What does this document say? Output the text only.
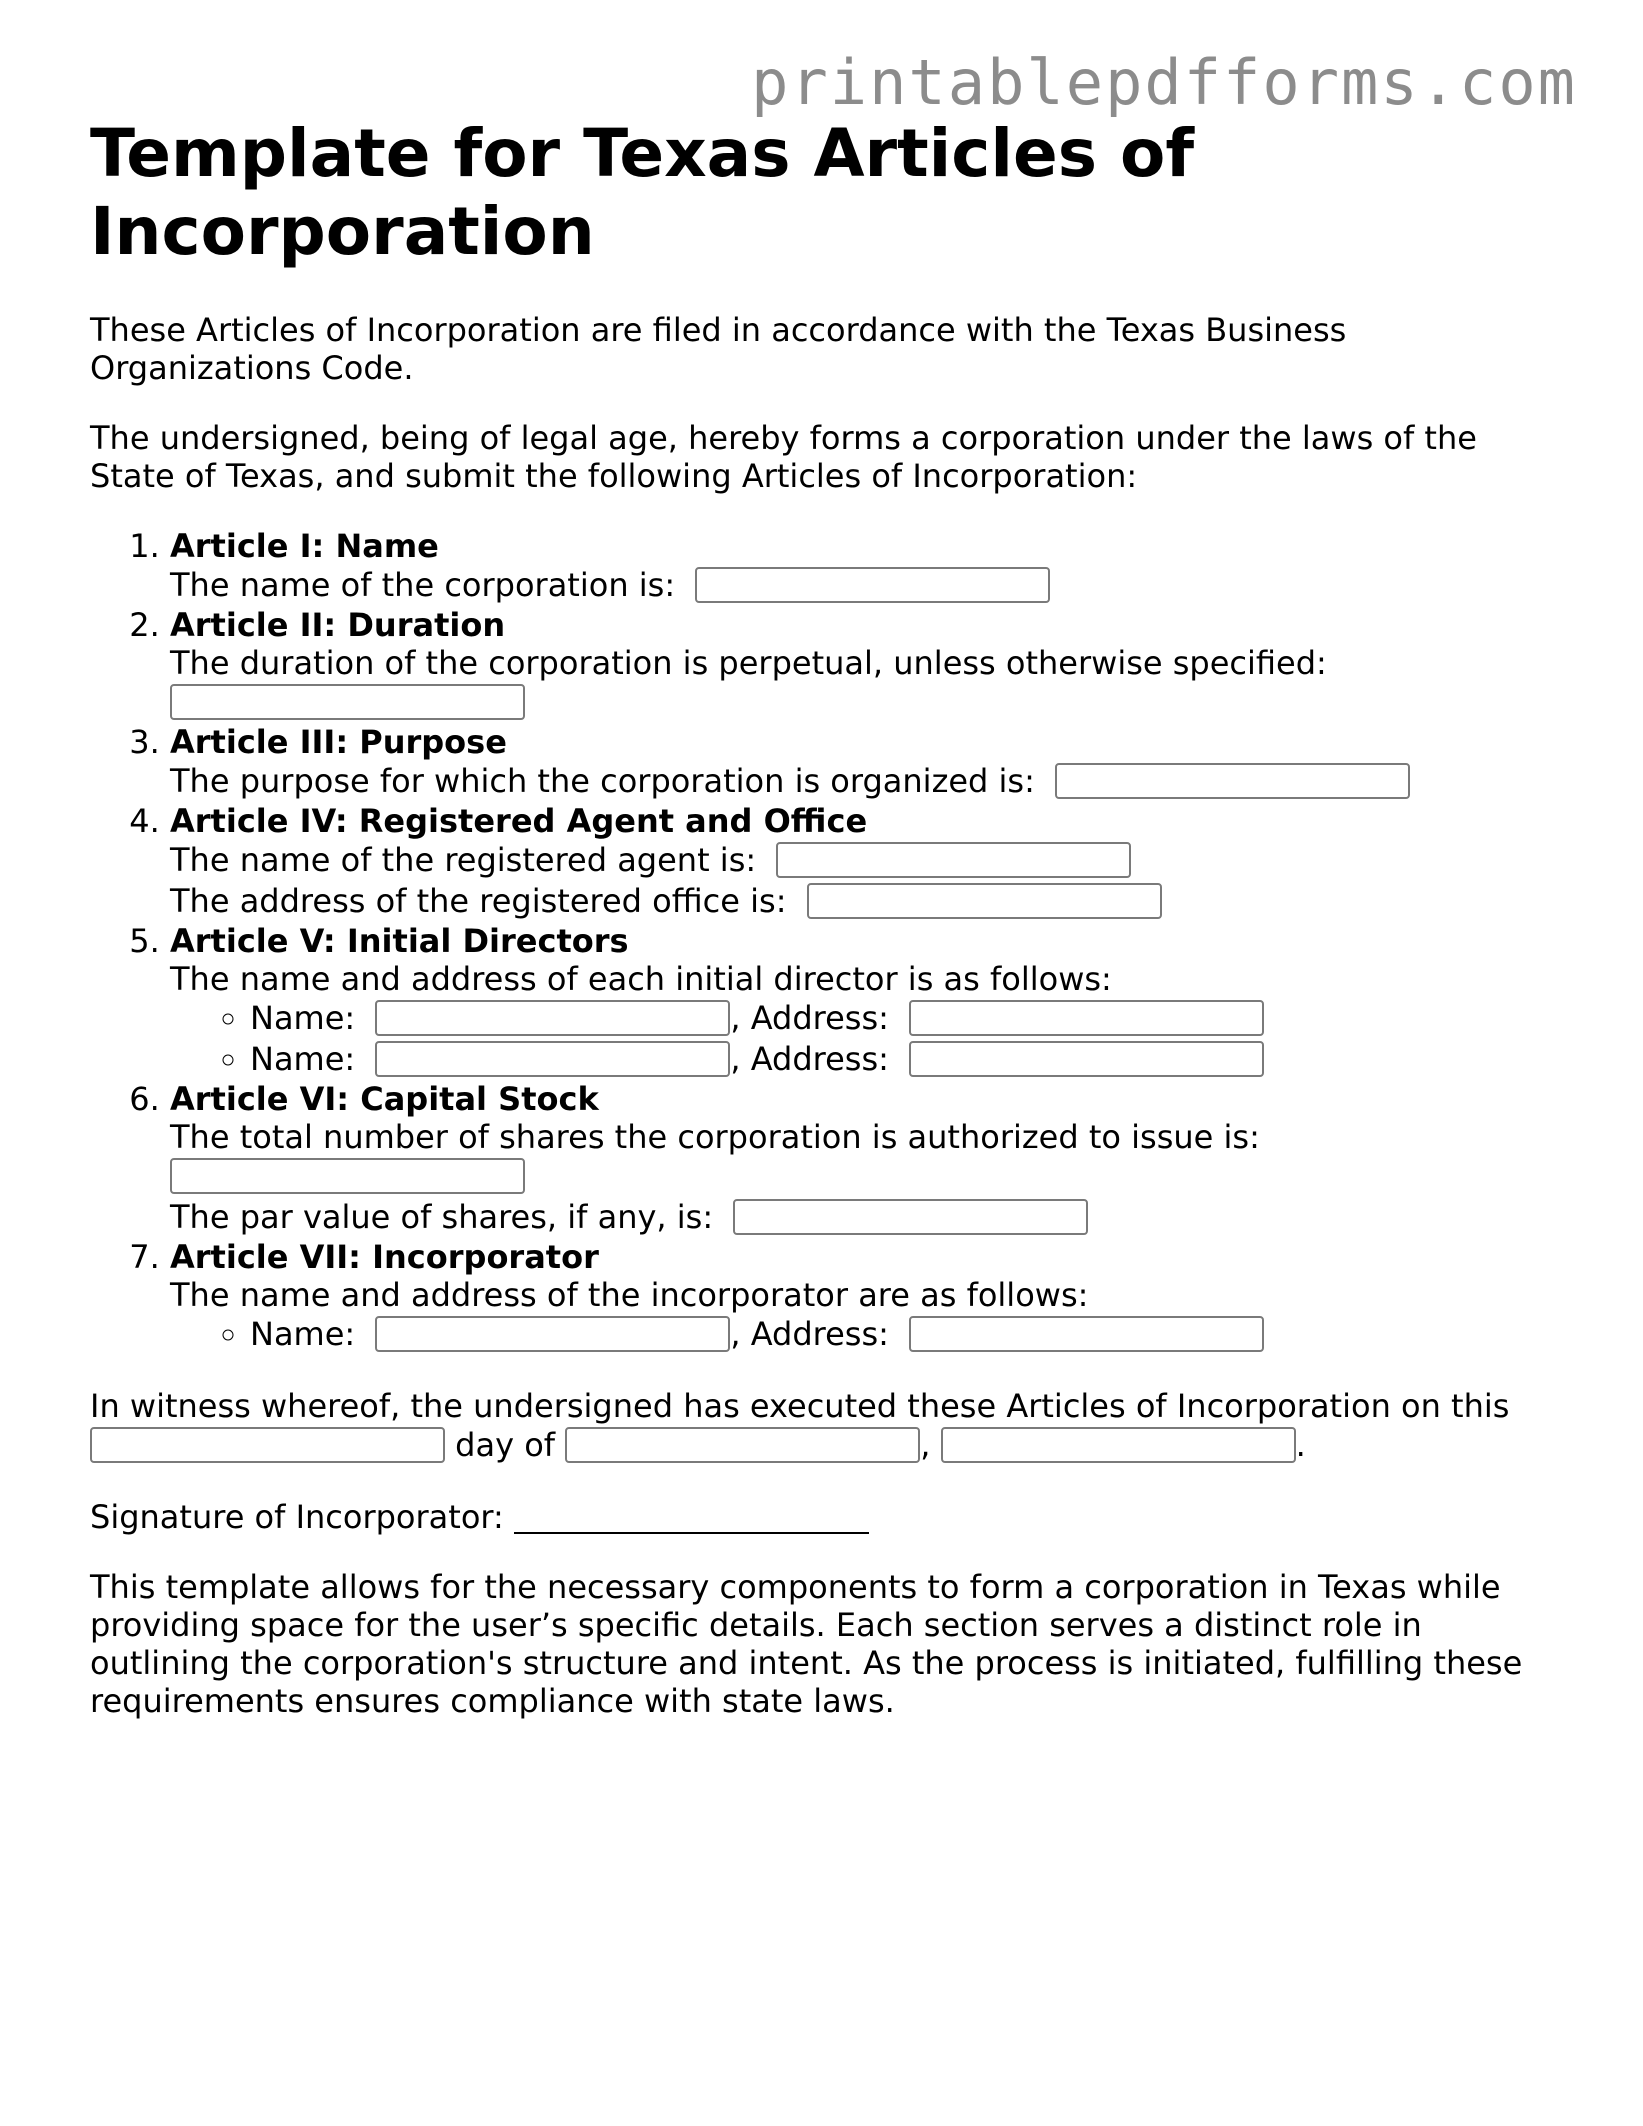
printablepdfforms.com
Template for Texas Articles of Incorporation

These Articles of Incorporation are filed in accordance with the Texas Business Organizations Code.

The undersigned, being of legal age, hereby forms a corporation under the laws of the State of Texas, and submit the following Articles of Incorporation:

1. Article I: Name
The name of the corporation is:
2. Article II: Duration
The duration of the corporation is perpetual, unless otherwise specified:
3. Article III: Purpose
The purpose for which the corporation is organized is:
4. Article IV: Registered Agent and Office
The name of the registered agent is:
The address of the registered office is:
5. Article V: Initial Directors
The name and address of each initial director is as follows:
◦ Name:	, Address:
◦ Name:	, Address:
6. Article VI: Capital Stock
The total number of shares the corporation is authorized to issue is:
The par value of shares, if any, is:
7. Article VII: Incorporator
The name and address of the incorporator are as follows:
◦ Name:	, Address:

In witness whereof, the undersigned has executed these Articles of Incorporation on this
day of	,	.

Signature of Incorporator:

This template allows for the necessary components to form a corporation in Texas while providing space for the user’s specific details. Each section serves a distinct role in outlining the corporation's structure and intent. As the process is initiated, fulfilling these requirements ensures compliance with state laws.
